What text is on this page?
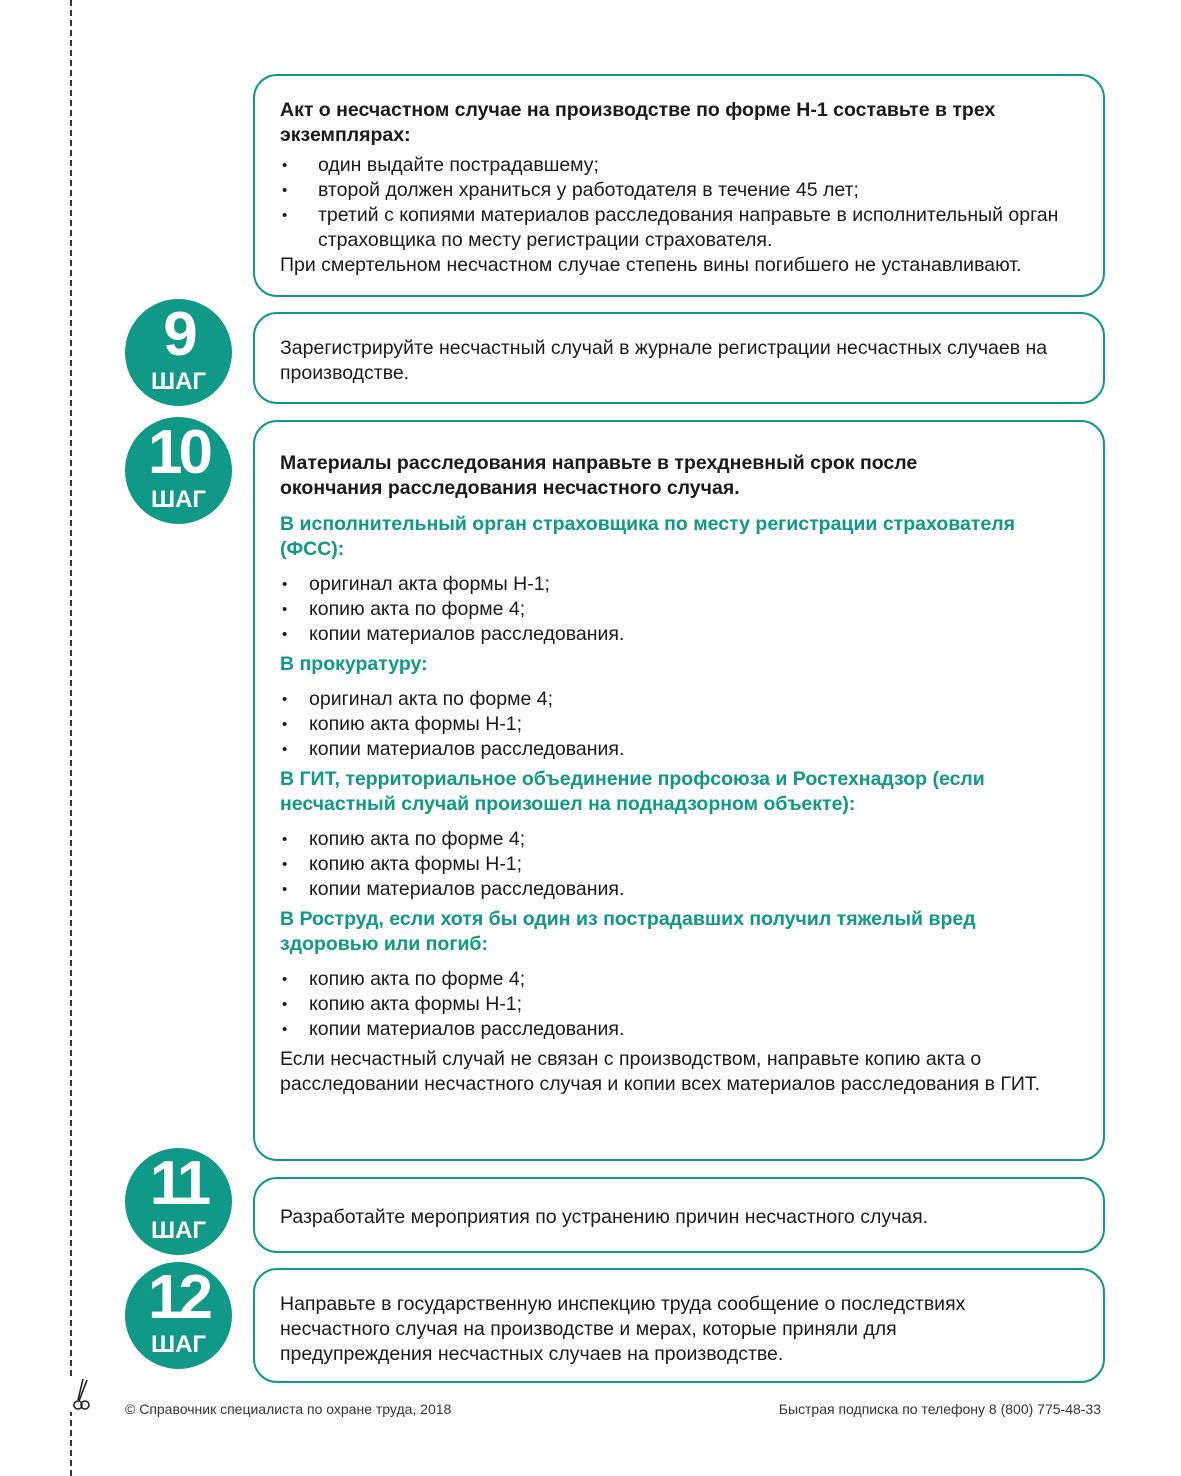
Акт о несчастном случае на производстве по форме Н-1 составьте в трех экземплярах:

• один выдайте пострадавшему;
• второй должен храниться у работодателя в течение 45 лет;
• третий с копиями материалов расследования направьте в исполнительный орган страховщика по месту регистрации страхователя.

При смертельном несчастном случае степень вины погибшего не устанавливают.

9
ШАГ

Зарегистрируйте несчастный случай в журнале регистрации несчастных случаев на производстве.

10
ШАГ

Материалы расследования направьте в трехдневный срок после окончания расследования несчастного случая.

В исполнительный орган страховщика по месту регистрации страхователя (ФСС):

• оригинал акта формы Н-1;
• копию акта по форме 4;
• копии материалов расследования.

В прокуратуру:

• оригинал акта по форме 4;
• копию акта формы Н-1;
• копии материалов расследования.

В ГИТ, территориальное объединение профсоюза и Ростехнадзор (если несчастный случай произошел на поднадзорном объекте):

• копию акта по форме 4;
• копию акта формы Н-1;
• копии материалов расследования.

В Роструд, если хотя бы один из пострадавших получил тяжелый вред здоровью или погиб:

• копию акта по форме 4;
• копию акта формы Н-1;
• копии материалов расследования.

Если несчастный случай не связан с производством, направьте копию акта о расследовании несчастного случая и копии всех материалов расследования в ГИТ.

11
ШАГ	Разработайте мероприятия по устранению причин несчастного случая.

12
ШАГ

Направьте в государственную инспекцию труда сообщение о последствиях несчастного случая на производстве и мерах, которые приняли для предупреждения несчастных случаев на производстве.

© Справочник специалиста по охране труда, 2018	Быстрая подписка по телефону 8 (800) 775-48-33
